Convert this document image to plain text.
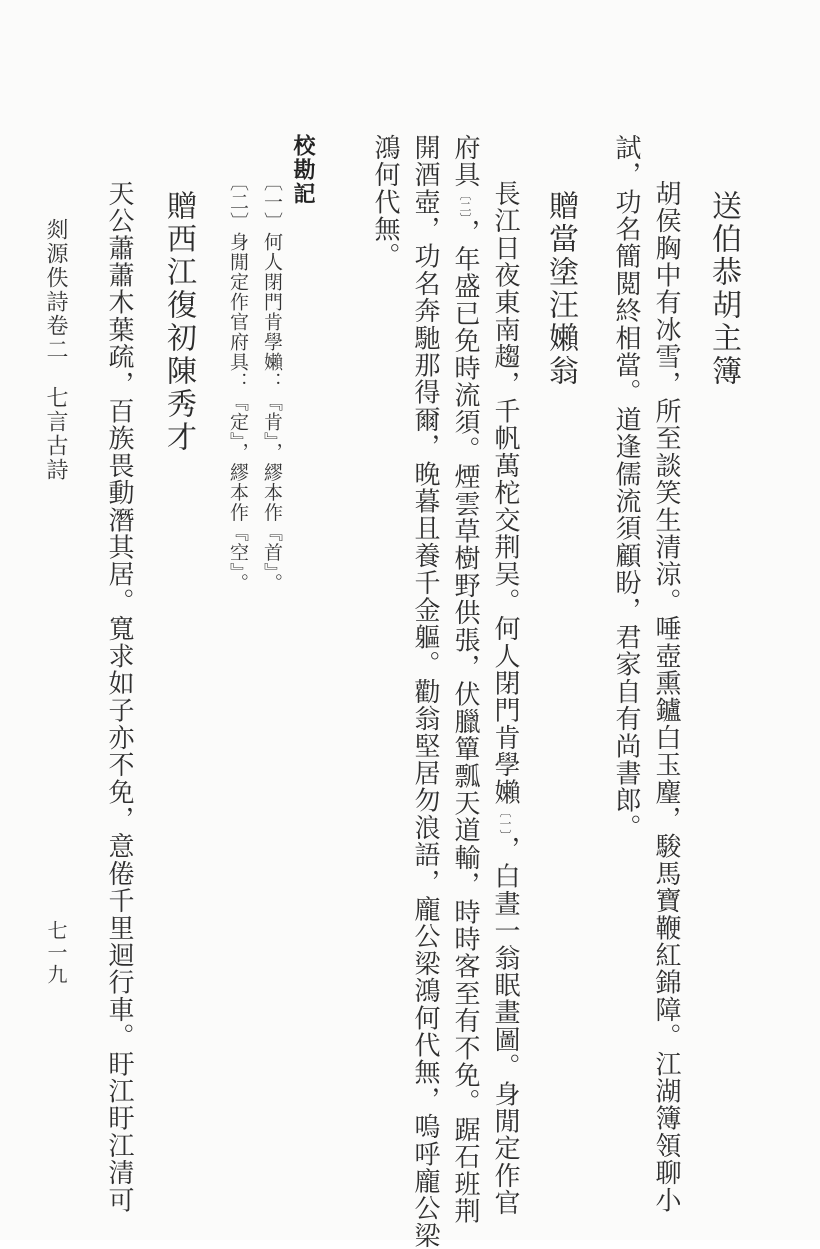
送伯恭胡主簿
胡侯胸中有冰雪，所至談笑生清涼。唾壺熏鑪白玉麈，駿馬寶鞭紅錦障。江湖簿領聊小
試，功名簡閲終相當。道逢儒流須顧盼，君家自有尚書郎。
贈當塗汪嬾翁
長江日夜東南趨，千帆萬柁交荆吴。何人閉門肯學嬾〔一〕，白晝一翁眠畫圖。身閒定作官
府具〔二〕，年盛已免時流須。煙雲草樹野供張，伏臘簞瓢天道輸，時時客至有不免。踞石班荆
開酒壺，功名奔馳那得爾，晚暮且養千金軀。勸翁堅居勿浪語，龐公梁鴻何代無，嗚呼龐公梁
鴻何代無。
校勘記
〔一〕何人閉門肯學嬾：『肯』，繆本作『首』。
〔二〕身閒定作官府具：『定』，繆本作『空』。
贈西江復初陳秀才
天公蕭蕭木葉疏，百族畏動潛其居。寬求如子亦不免，意倦千里迴行車。盱江盱江清可
剡源佚詩卷二　七言古詩
七一九
